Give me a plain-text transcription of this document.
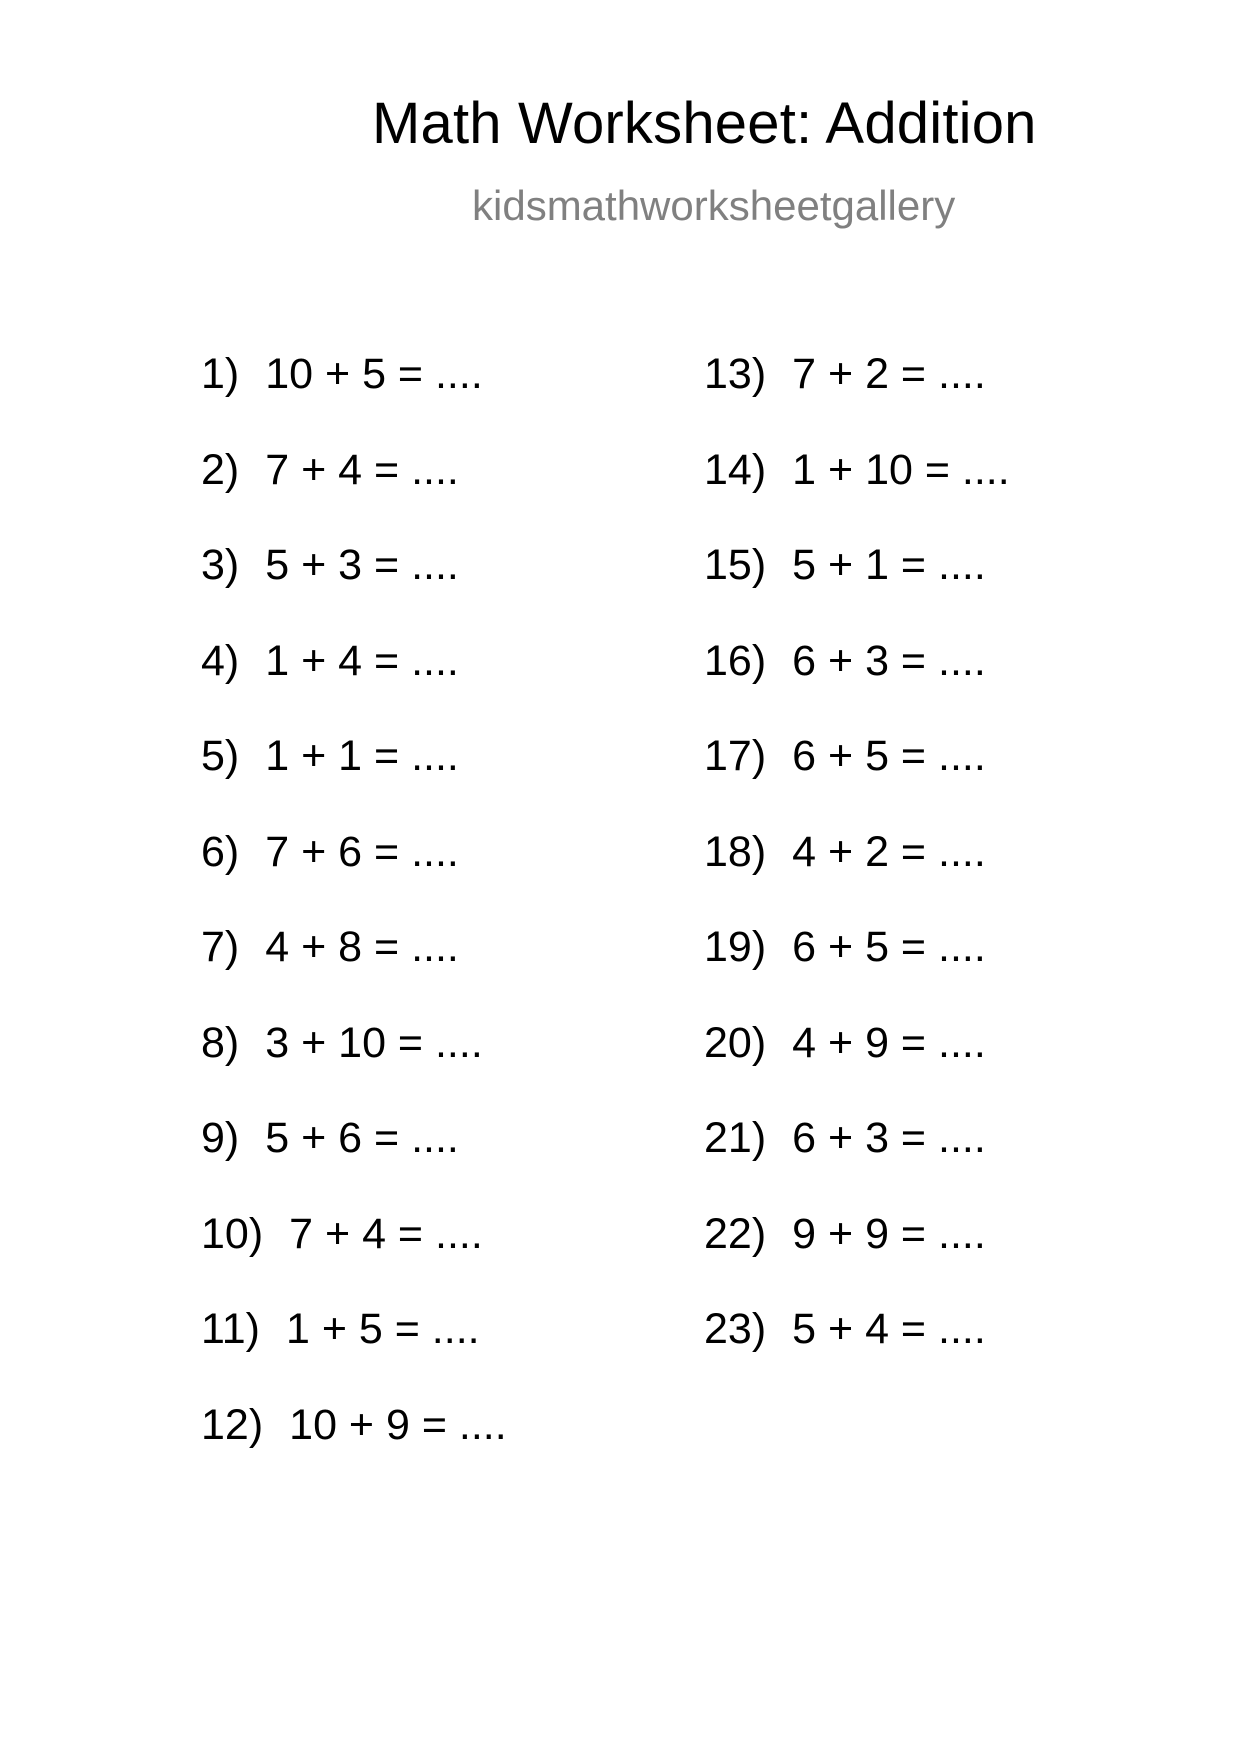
Math Worksheet: Addition
kidsmathworksheetgallery
1) 10 + 5 = ....
2) 7 + 4 = ....
3) 5 + 3 = ....
4) 1 + 4 = ....
5) 1 + 1 = ....
6) 7 + 6 = ....
7) 4 + 8 = ....
8) 3 + 10 = ....
9) 5 + 6 = ....
10) 7 + 4 = ....
11) 1 + 5 = ....
12) 10 + 9 = ....
13) 7 + 2 = ....
14) 1 + 10 = ....
15) 5 + 1 = ....
16) 6 + 3 = ....
17) 6 + 5 = ....
18) 4 + 2 = ....
19) 6 + 5 = ....
20) 4 + 9 = ....
21) 6 + 3 = ....
22) 9 + 9 = ....
23) 5 + 4 = ....
